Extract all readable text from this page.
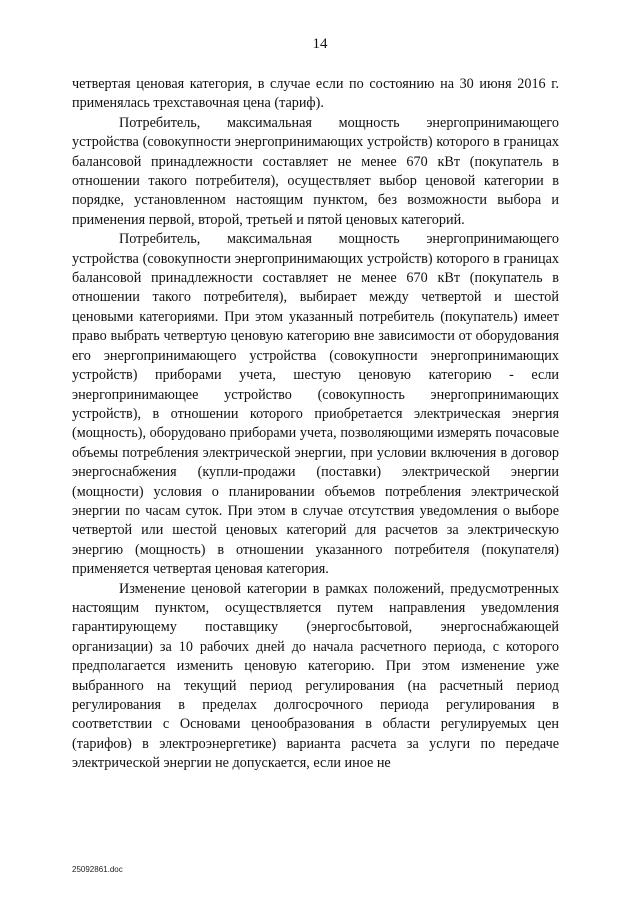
14

четвертая ценовая категория, в случае если по состоянию на 30 июня 2016 г. применялась трехставочная цена (тариф).

Потребитель, максимальная мощность энергопринимающего устройства (совокупности энергопринимающих устройств) которого в границах балансовой принадлежности составляет не менее 670 кВт (покупатель в отношении такого потребителя), осуществляет выбор ценовой категории в порядке, установленном настоящим пунктом, без возможности выбора и применения первой, второй, третьей и пятой ценовых категорий.

Потребитель, максимальная мощность энергопринимающего устройства (совокупности энергопринимающих устройств) которого в границах балансовой принадлежности составляет не менее 670 кВт (покупатель в отношении такого потребителя), выбирает между четвертой и шестой ценовыми категориями. При этом указанный потребитель (покупатель) имеет право выбрать четвертую ценовую категорию вне зависимости от оборудования его энергопринимающего устройства (совокупности энергопринимающих устройств) приборами учета, шестую ценовую категорию - если энергопринимающее устройство (совокупность энергопринимающих устройств), в отношении которого приобретается электрическая энергия (мощность), оборудовано приборами учета, позволяющими измерять почасовые объемы потребления электрической энергии, при условии включения в договор энергоснабжения (купли-продажи (поставки) электрической энергии (мощности) условия о планировании объемов потребления электрической энергии по часам суток. При этом в случае отсутствия уведомления о выборе четвертой или шестой ценовых категорий для расчетов за электрическую энергию (мощность) в отношении указанного потребителя (покупателя) применяется четвертая ценовая категория.

Изменение ценовой категории в рамках положений, предусмотренных настоящим пунктом, осуществляется путем направления уведомления гарантирующему поставщику (энергосбытовой, энергоснабжающей организации) за 10 рабочих дней до начала расчетного периода, с которого предполагается изменить ценовую категорию. При этом изменение уже выбранного на текущий период регулирования (на расчетный период регулирования в пределах долгосрочного периода регулирования в соответствии с Основами ценообразования в области регулируемых цен (тарифов) в электроэнергетике) варианта расчета за услуги по передаче электрической энергии не допускается, если иное не

25092861.doc
